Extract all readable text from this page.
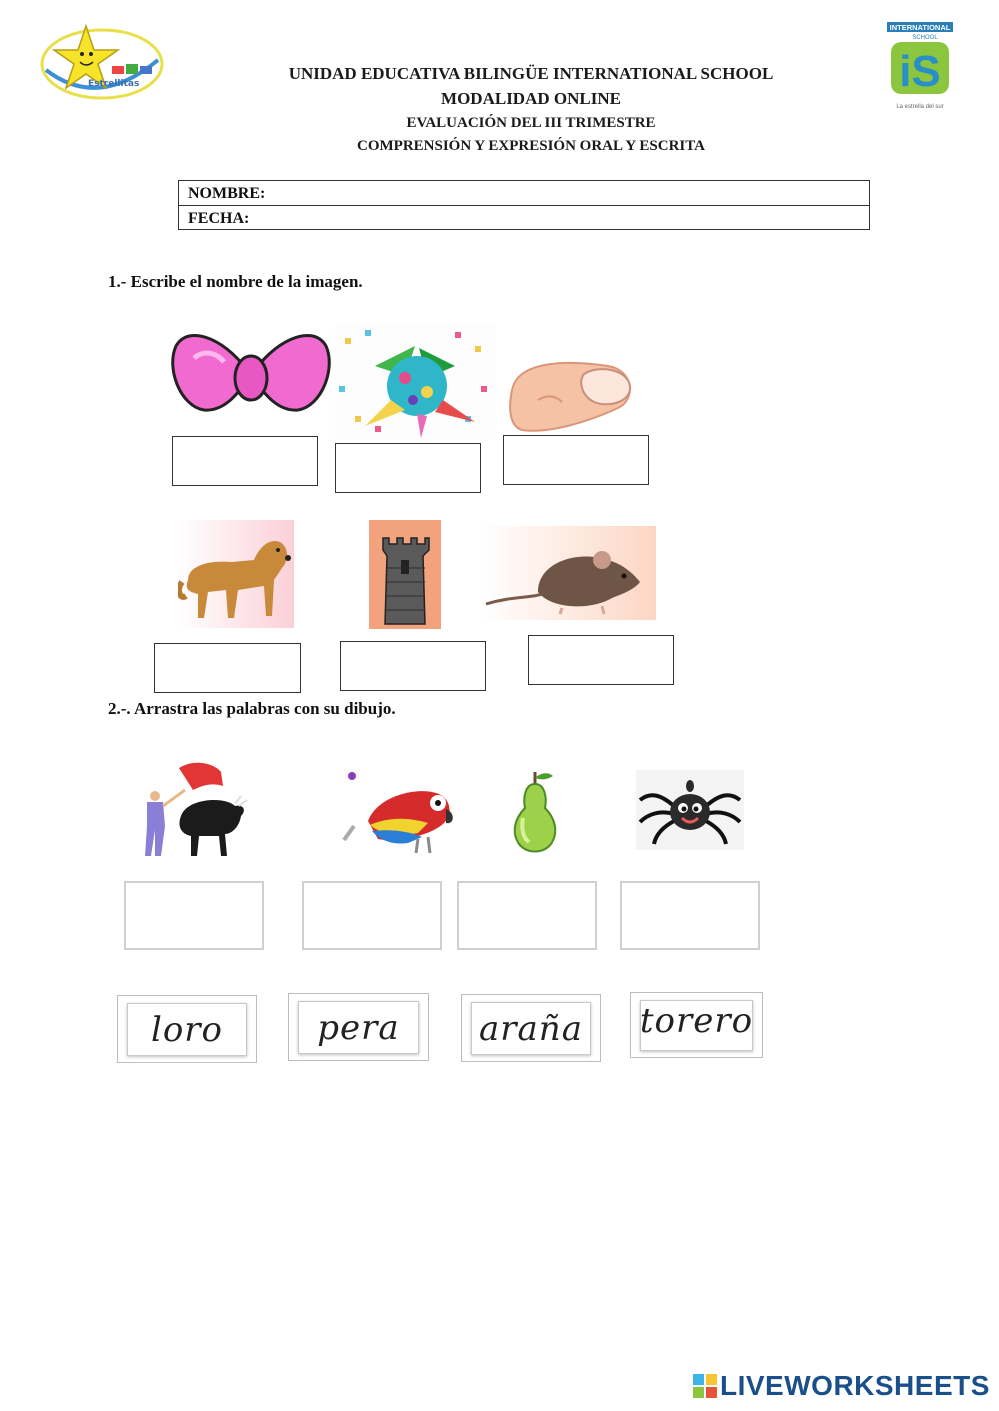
Estrellitas
INTERNATIONAL
SCHOOL
iS
La estrella del sur
UNIDAD EDUCATIVA BILINGÜE INTERNATIONAL SCHOOL
MODALIDAD ONLINE
EVALUACIÓN DEL III TRIMESTRE
COMPRENSIÓN Y EXPRESIÓN ORAL Y ESCRITA
NOMBRE:
FECHA:
1.- Escribe el nombre de la imagen.
2.-. Arrastra las palabras con su dibujo.
loro	pera	araña torero
LIVEWORKSHEETS
